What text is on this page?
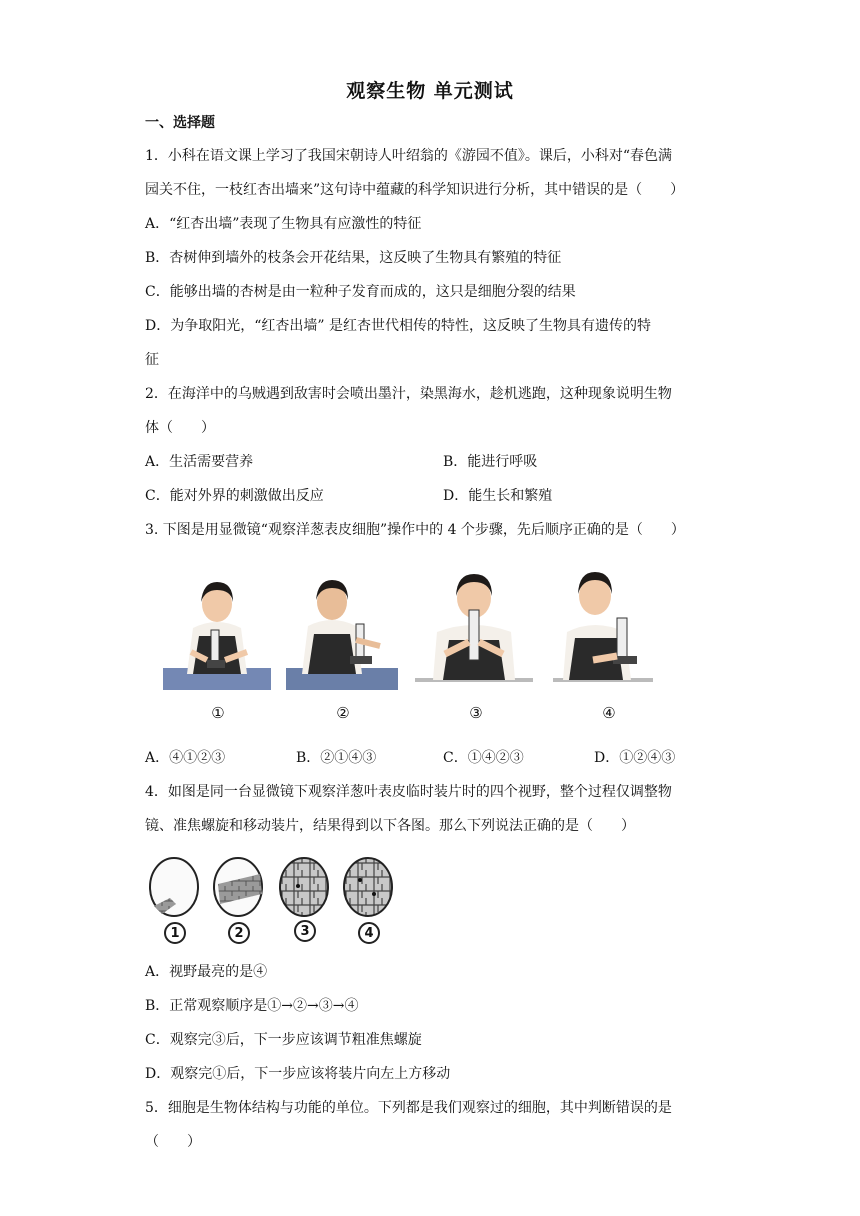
观察生物 单元测试
一、选择题
1．小科在语文课上学习了我国宋朝诗人叶绍翁的《游园不值》。课后，小科对“春色满
园关不住，一枝红杏出墙来”这句诗中蕴藏的科学知识进行分析，其中错误的是（　　）
A．“红杏出墙”表现了生物具有应激性的特征
B．杏树伸到墙外的枝条会开花结果，这反映了生物具有繁殖的特征
C．能够出墙的杏树是由一粒种子发育而成的，这只是细胞分裂的结果
D．为争取阳光，“红杏出墙” 是红杏世代相传的特性，这反映了生物具有遗传的特
征
2．在海洋中的乌贼遇到敌害时会喷出墨汁，染黑海水，趁机逃跑，这种现象说明生物
体（　　）
A．生活需要营养	B．能进行呼吸
C．能对外界的刺激做出反应	D．能生长和繁殖
3. 下图是用显微镜“观察洋葱表皮细胞”操作中的 4 个步骤，先后顺序正确的是（　　）
①	②	③	④
A．④①②③	B．②①④③	C．①④②③	D．①②④③
4．如图是同一台显微镜下观察洋葱叶表皮临时装片时的四个视野，整个过程仅调整物
镜、准焦螺旋和移动装片，结果得到以下各图。那么下列说法正确的是（　　）
1	2	3	4
A．视野最亮的是④
B．正常观察顺序是①→②→③→④
C．观察完③后，下一步应该调节粗准焦螺旋
D．观察完①后，下一步应该将装片向左上方移动
5．细胞是生物体结构与功能的单位。下列都是我们观察过的细胞，其中判断错误的是
（　　）
